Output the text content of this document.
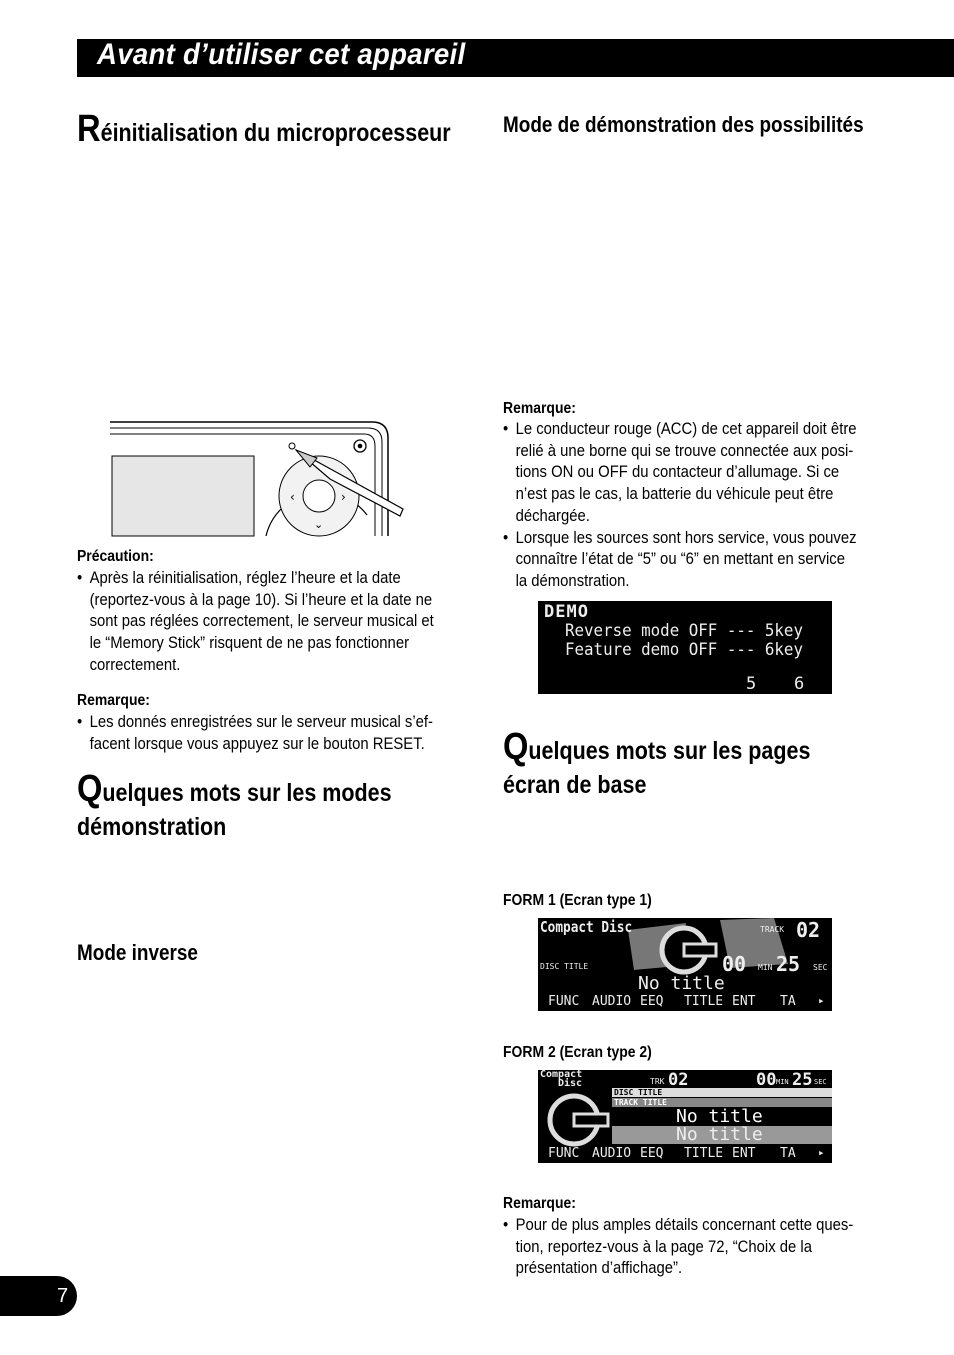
Avant d’utiliser cet appareil
Réinitialisation du microprocesseur
‹	›
⌄
Précaution:
• Après la réinitialisation, réglez l’heure et la date
(reportez-vous à la page 10). Si l’heure et la date ne
sont pas réglées correctement, le serveur musical et
le “Memory Stick” risquent de ne pas fonctionner
correctement.
Remarque:
• Les donnés enregistrées sur le serveur musical s’ef-
facent lorsque vous appuyez sur le bouton RESET.
Quelques mots sur les modes
démonstration
Mode inverse
Mode de démonstration des possibilités
Remarque:
• Le conducteur rouge (ACC) de cet appareil doit être
relié à une borne qui se trouve connectée aux posi-
tions ON ou OFF du contacteur d’allumage. Si ce
n’est pas le cas, la batterie du véhicule peut être
déchargée.
• Lorsque les sources sont hors service, vous pouvez
connaître l’état de “5” ou “6” en mettant en service
la démonstration.
DEMO
Reverse mode OFF --- 5key
Feature demo OFF --- 6key
5 6
Quelques mots sur les pages
écran de base
FORM 1 (Ecran type 1)
Compact Disc	TRACK 02
DISC TITLE	00 MIN 25 SEC
No title
FUNC AUDIO EEQ TITLE ENT TA ▸
FORM 2 (Ecran type 2)
Compact
Disc	TRK 02	00 MIN 25 SEC
DISC TITLE
TRACK TITLE
No title
No title
FUNC AUDIO EEQ TITLE ENT TA ▸
Remarque:
• Pour de plus amples détails concernant cette ques-
tion, reportez-vous à la page 72, “Choix de la
présentation d’affichage”.
7
